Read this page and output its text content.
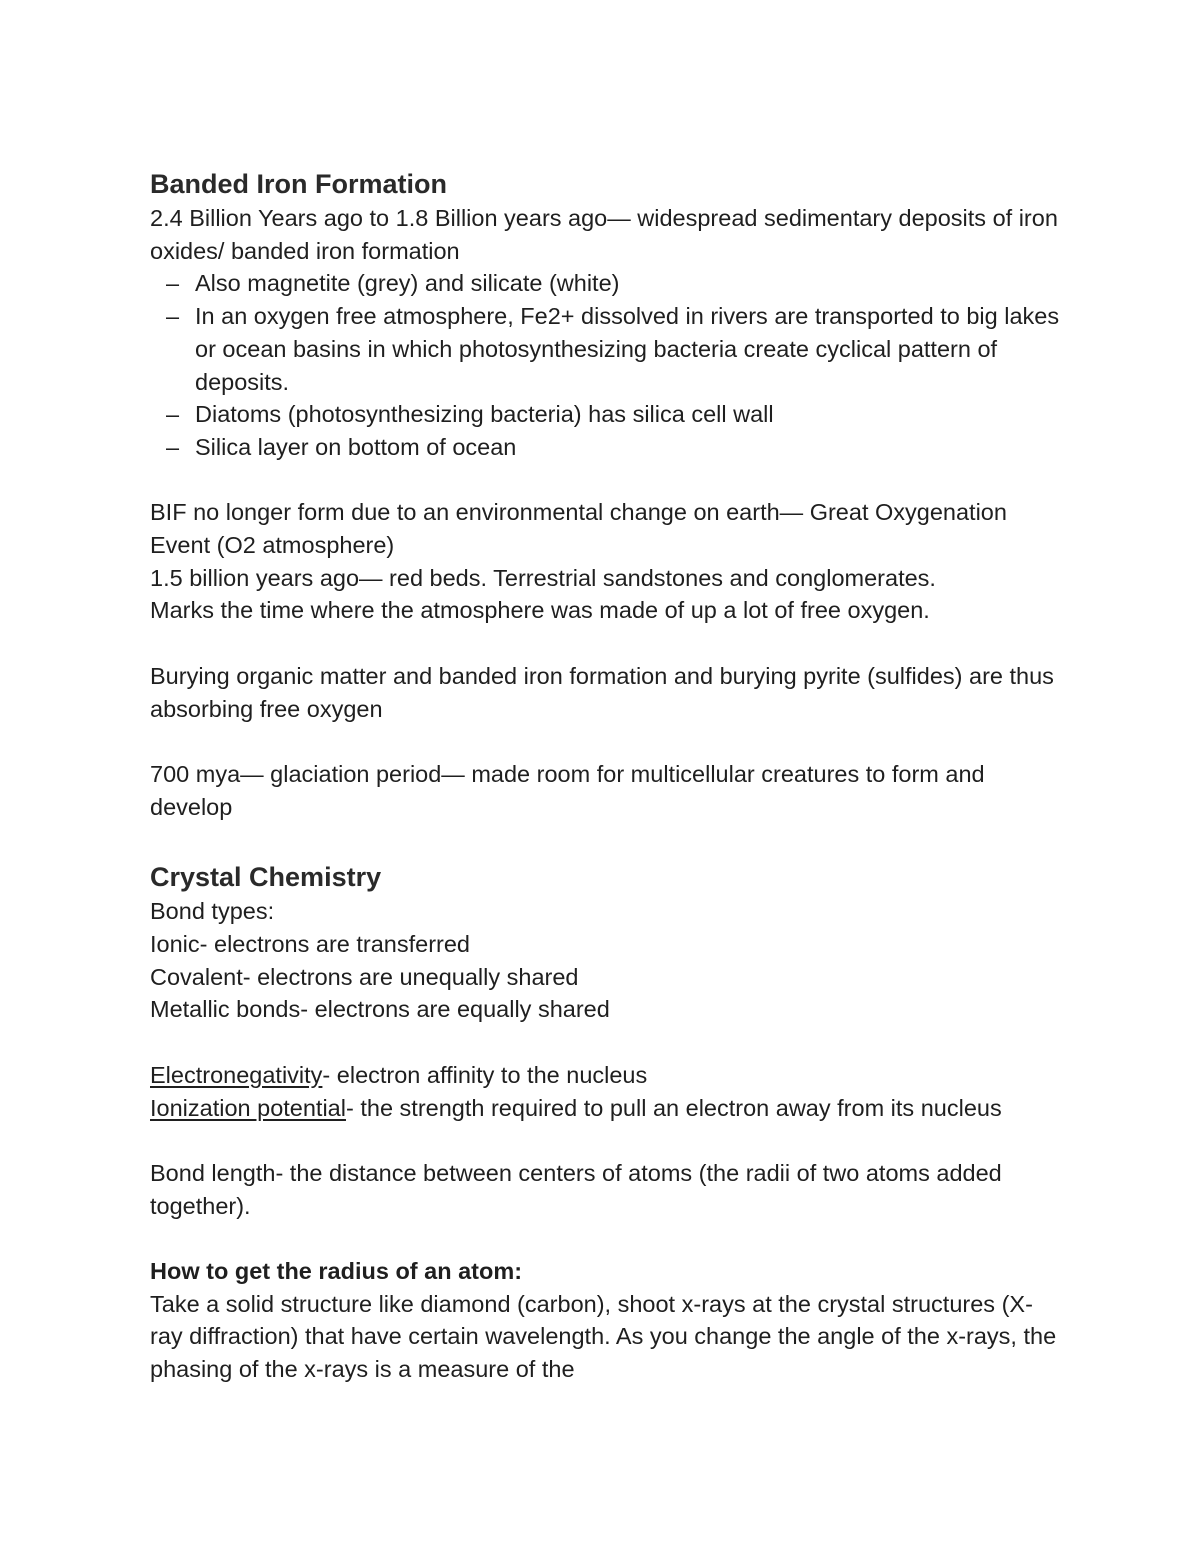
Banded Iron Formation

2.4 Billion Years ago to 1.8 Billion years ago— widespread sedimentary deposits of iron oxides/ banded iron formation

– Also magnetite (grey) and silicate (white)
– In an oxygen free atmosphere, Fe2+ dissolved in rivers are transported to big lakes or ocean basins in which photosynthesizing bacteria create cyclical pattern of deposits.
– Diatoms (photosynthesizing bacteria) has silica cell wall
– Silica layer on bottom of ocean

BIF no longer form due to an environmental change on earth— Great Oxygenation Event (O2 atmosphere)

1.5 billion years ago— red beds. Terrestrial sandstones and conglomerates.

Marks the time where the atmosphere was made of up a lot of free oxygen.

Burying organic matter and banded iron formation and burying pyrite (sulfides) are thus absorbing free oxygen

700 mya— glaciation period— made room for multicellular creatures to form and develop

Crystal Chemistry

Bond types:

Ionic- electrons are transferred

Covalent- electrons are unequally shared

Metallic bonds- electrons are equally shared

Electronegativity- electron affinity to the nucleus

Ionization potential- the strength required to pull an electron away from its nucleus

Bond length- the distance between centers of atoms (the radii of two atoms added together).

How to get the radius of an atom:

Take a solid structure like diamond (carbon), shoot x-rays at the crystal structures (X-ray diffraction) that have certain wavelength. As you change the angle of the x-rays, the phasing of the x-rays is a measure of the
